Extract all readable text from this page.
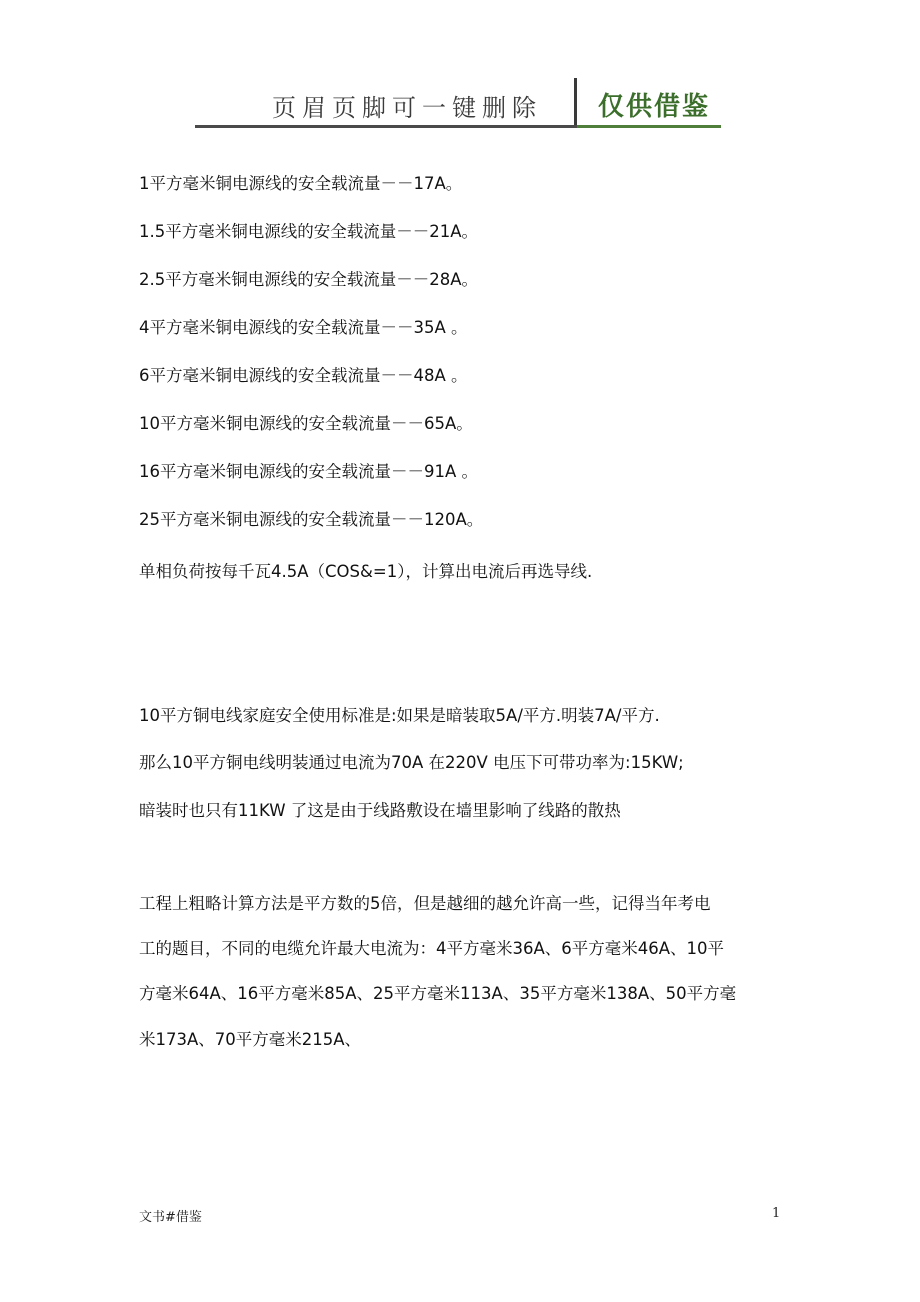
页眉页脚可一键删除 仅供借鉴
1平方毫米铜电源线的安全载流量－－17A。
1.5平方毫米铜电源线的安全载流量－－21A。
2.5平方毫米铜电源线的安全载流量－－28A。
4平方毫米铜电源线的安全载流量－－35A 。
6平方毫米铜电源线的安全载流量－－48A 。
10平方毫米铜电源线的安全载流量－－65A。
16平方毫米铜电源线的安全载流量－－91A 。
25平方毫米铜电源线的安全载流量－－120A。
单相负荷按每千瓦4.5A（COS&=1），计算出电流后再选导线.
10平方铜电线家庭安全使用标准是:如果是暗装取5A/平方.明装7A/平方.
那么10平方铜电线明装通过电流为70A 在220V 电压下可带功率为:15KW;
暗装时也只有11KW 了这是由于线路敷设在墙里影响了线路的散热
工程上粗略计算方法是平方数的5倍，但是越细的越允许高一些，记得当年考电
工的题目，不同的电缆允许最大电流为：4平方毫米36A、6平方毫米46A、10平
方毫米64A、16平方毫米85A、25平方毫米113A、35平方毫米138A、50平方毫
米173A、70平方毫米215A、
文书#借鉴	1
